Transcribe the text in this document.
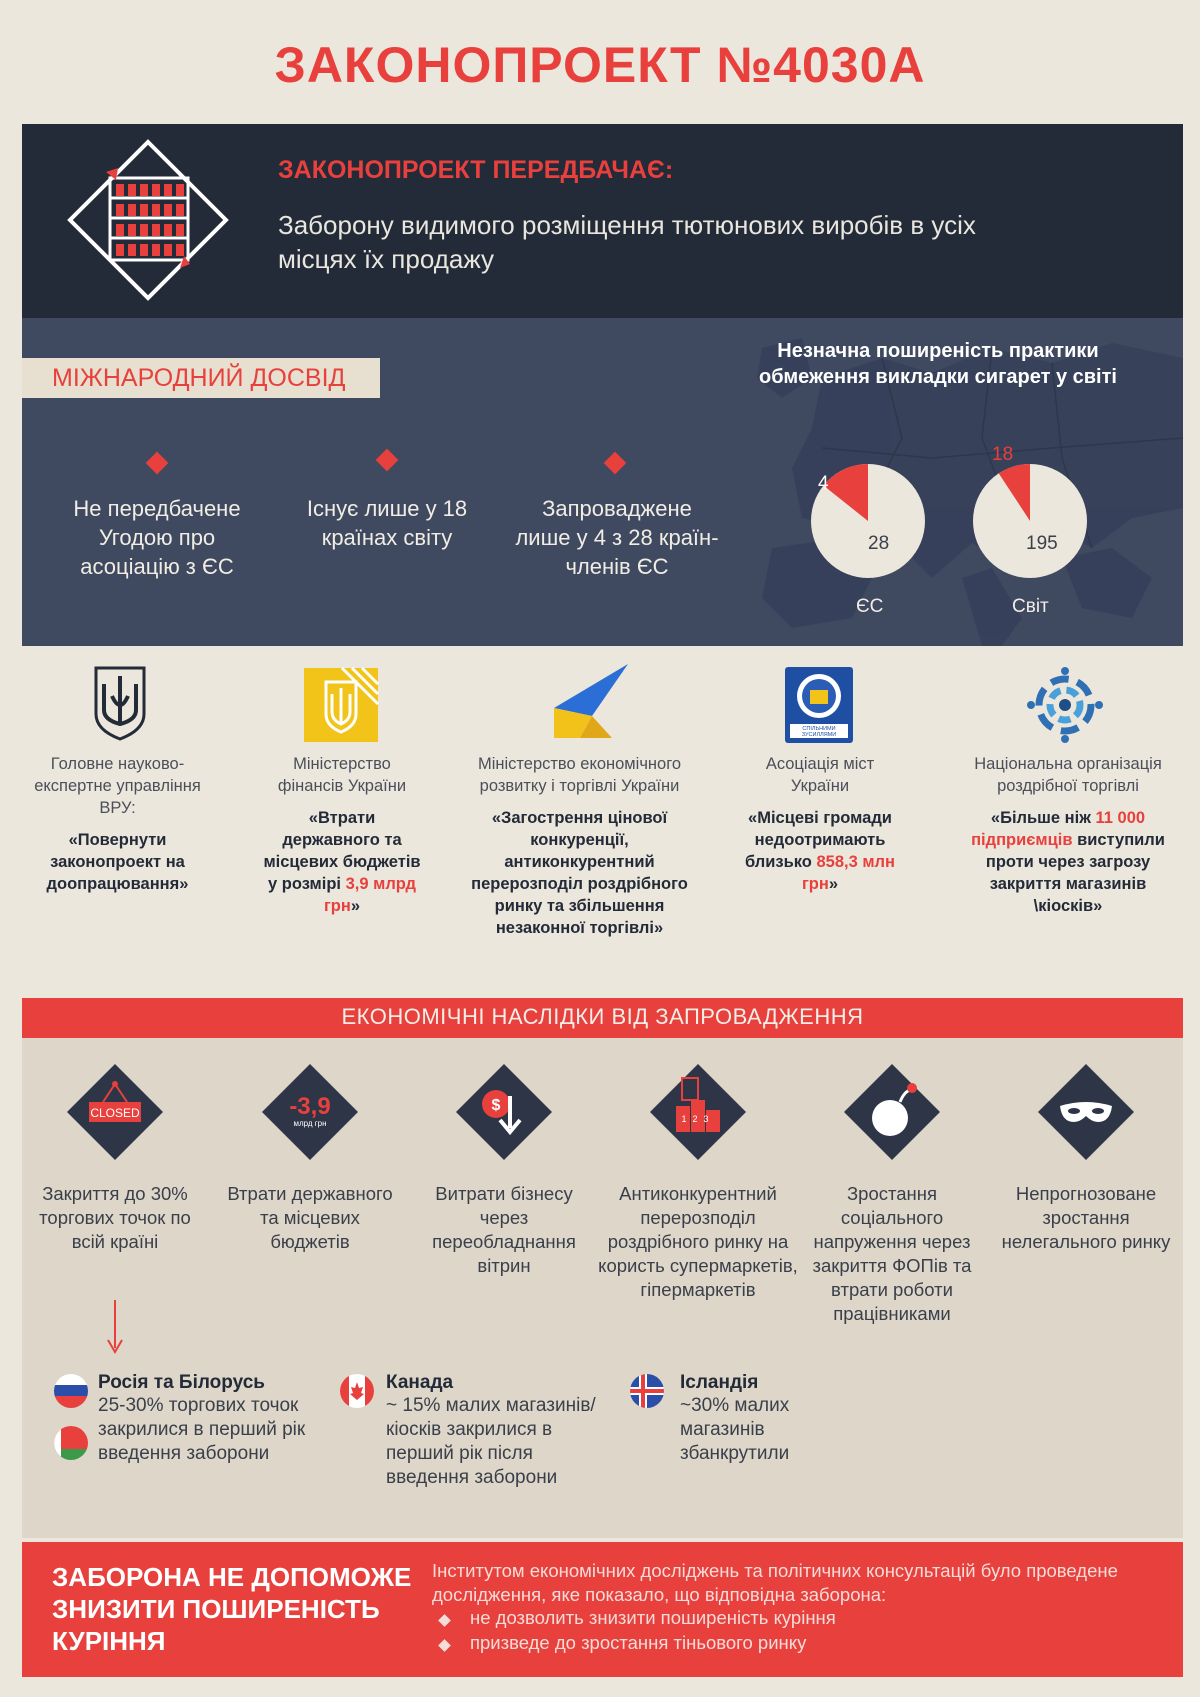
ЗАКОНОПРОЕКТ №4030А
ЗАКОНОПРОЕКТ ПЕРЕДБАЧАЄ:
Заборону видимого розміщення тютюнових виробів в усіх місцях їх продажу
МІЖНАРОДНИЙ ДОСВІД
Не передбачене Угодою про асоціацію з ЄС
Існує лише у 18 країнах світу
Запроваджене лише у 4 з 28 країн-членів ЄС
Незначна поширеність практики обмеження викладки сигарет у світі
4
28
ЄС
18
195
Світ
СПІЛЬНИМИ
ЗУСИЛЛЯМИ
Головне науково-експертне управління ВРУ:
«Повернути законопроект на доопрацювання»
Міністерство фінансів України
«Втрати державного та місцевих бюджетів у розмірі 3,9 млрд грн»
Міністерство економічного розвитку і торгівлі України
«Загострення цінової конкуренції, антиконкурентний перерозподіл роздрібного ринку та збільшення незаконної торгівлі»
Асоціація міст України
«Місцеві громади недоотримають близько 858,3 млн грн»
Національна організація роздрібної торгівлі
«Більше ніж 11 000 підприємців виступили проти через загрозу закриття магазинів \кіосків»
ЕКОНОМІЧНІ НАСЛІДКИ ВІД ЗАПРОВАДЖЕННЯ
CLOSED	-3,9
млрд грн
$
123
Закриття до 30% торгових точок по всій країні
Втрати державного та місцевих бюджетів
Витрати бізнесу через переобладнання вітрин
Антиконкурентний перерозподіл роздрібного ринку на користь супермаркетів, гіпермаркетів
Зростання соціального напруження через закриття ФОПів та втрати роботи працівниками
Непрогнозоване зростання нелегального ринку
Росія та Білорусь
25-30% торгових точок закрилися в перший рік введення заборони
Канада
~ 15% малих магазинів/кіосків закрилися в перший рік після введення заборони
Ісландія
~30% малих магазинів збанкрутили
ЗАБОРОНА НЕ ДОПОМОЖЕ ЗНИЗИТИ ПОШИРЕНІСТЬ КУРІННЯ
Інститутом економічних досліджень та політичних консультацій було проведене дослідження, яке показало, що відповідна заборона:
не дозволить знизити поширеність куріння
призведе до зростання тіньового ринку
